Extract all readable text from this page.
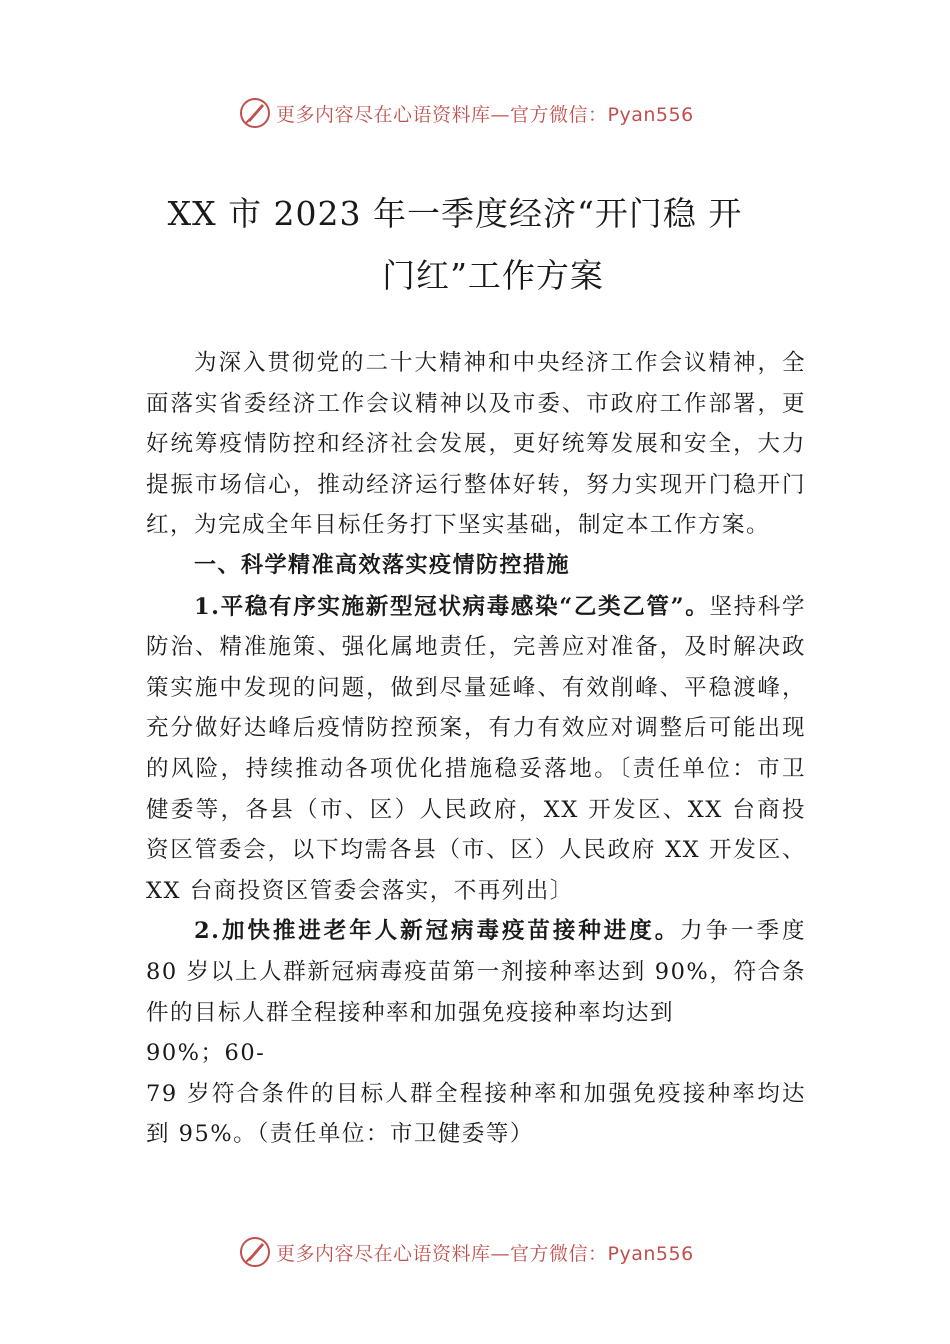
更多内容尽在心语资料库—官方微信：Pyan556
XX 市 2023 年一季度经济“开门稳 开
门红”工作方案

为深入贯彻党的二十大精神和中央经济工作会议精神，全面落实省委经济工作会议精神以及市委、市政府工作部署，更好统筹疫情防控和经济社会发展，更好统筹发展和安全，大力提振市场信心，推动经济运行整体好转，努力实现开门稳开门红，为完成全年目标任务打下坚实基础，制定本工作方案。

一、科学精准高效落实疫情防控措施

1.平稳有序实施新型冠状病毒感染“乙类乙管”。坚持科学防治、精准施策、强化属地责任，完善应对准备，及时解决政策实施中发现的问题，做到尽量延峰、有效削峰、平稳渡峰，充分做好达峰后疫情防控预案，有力有效应对调整后可能出现的风险，持续推动各项优化措施稳妥落地。〔责任单位：市卫健委等，各县（市、区）人民政府，XX 开发区、XX 台商投资区管委会，以下均需各县（市、区）人民政府 XX 开发区、XX 台商投资区管委会落实，不再列出〕

2.加快推进老年人新冠病毒疫苗接种进度。力争一季度 80 岁以上人群新冠病毒疫苗第一剂接种率达到 90%，符合条件的目标人群全程接种率和加强免疫接种率均达到

90%；60-

79 岁符合条件的目标人群全程接种率和加强免疫接种率均达到 95%。（责任单位：市卫健委等）

更多内容尽在心语资料库—官方微信：Pyan556
